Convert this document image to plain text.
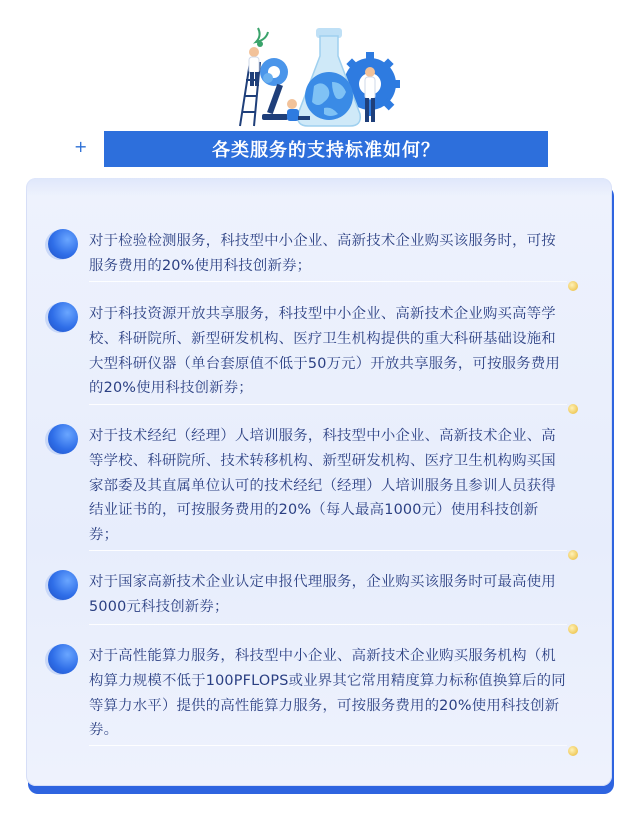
+	各类服务的支持标准如何？

对于检验检测服务，科技型中小企业、高新技术企业购买该服务时，可按服务费用的20%使用科技创新券；

对于科技资源开放共享服务，科技型中小企业、高新技术企业购买高等学校、科研院所、新型研发机构、医疗卫生机构提供的重大科研基础设施和大型科研仪器（单台套原值不低于50万元）开放共享服务，可按服务费用的20%使用科技创新券；

对于技术经纪（经理）人培训服务，科技型中小企业、高新技术企业、高等学校、科研院所、技术转移机构、新型研发机构、医疗卫生机构购买国家部委及其直属单位认可的技术经纪（经理）人培训服务且参训人员获得结业证书的，可按服务费用的20%（每人最高1000元）使用科技创新券；

对于国家高新技术企业认定申报代理服务，企业购买该服务时可最高使用5000元科技创新券；

对于高性能算力服务，科技型中小企业、高新技术企业购买服务机构（机构算力规模不低于100PFLOPS或业界其它常用精度算力标称值换算后的同等算力水平）提供的高性能算力服务，可按服务费用的20%使用科技创新券。
